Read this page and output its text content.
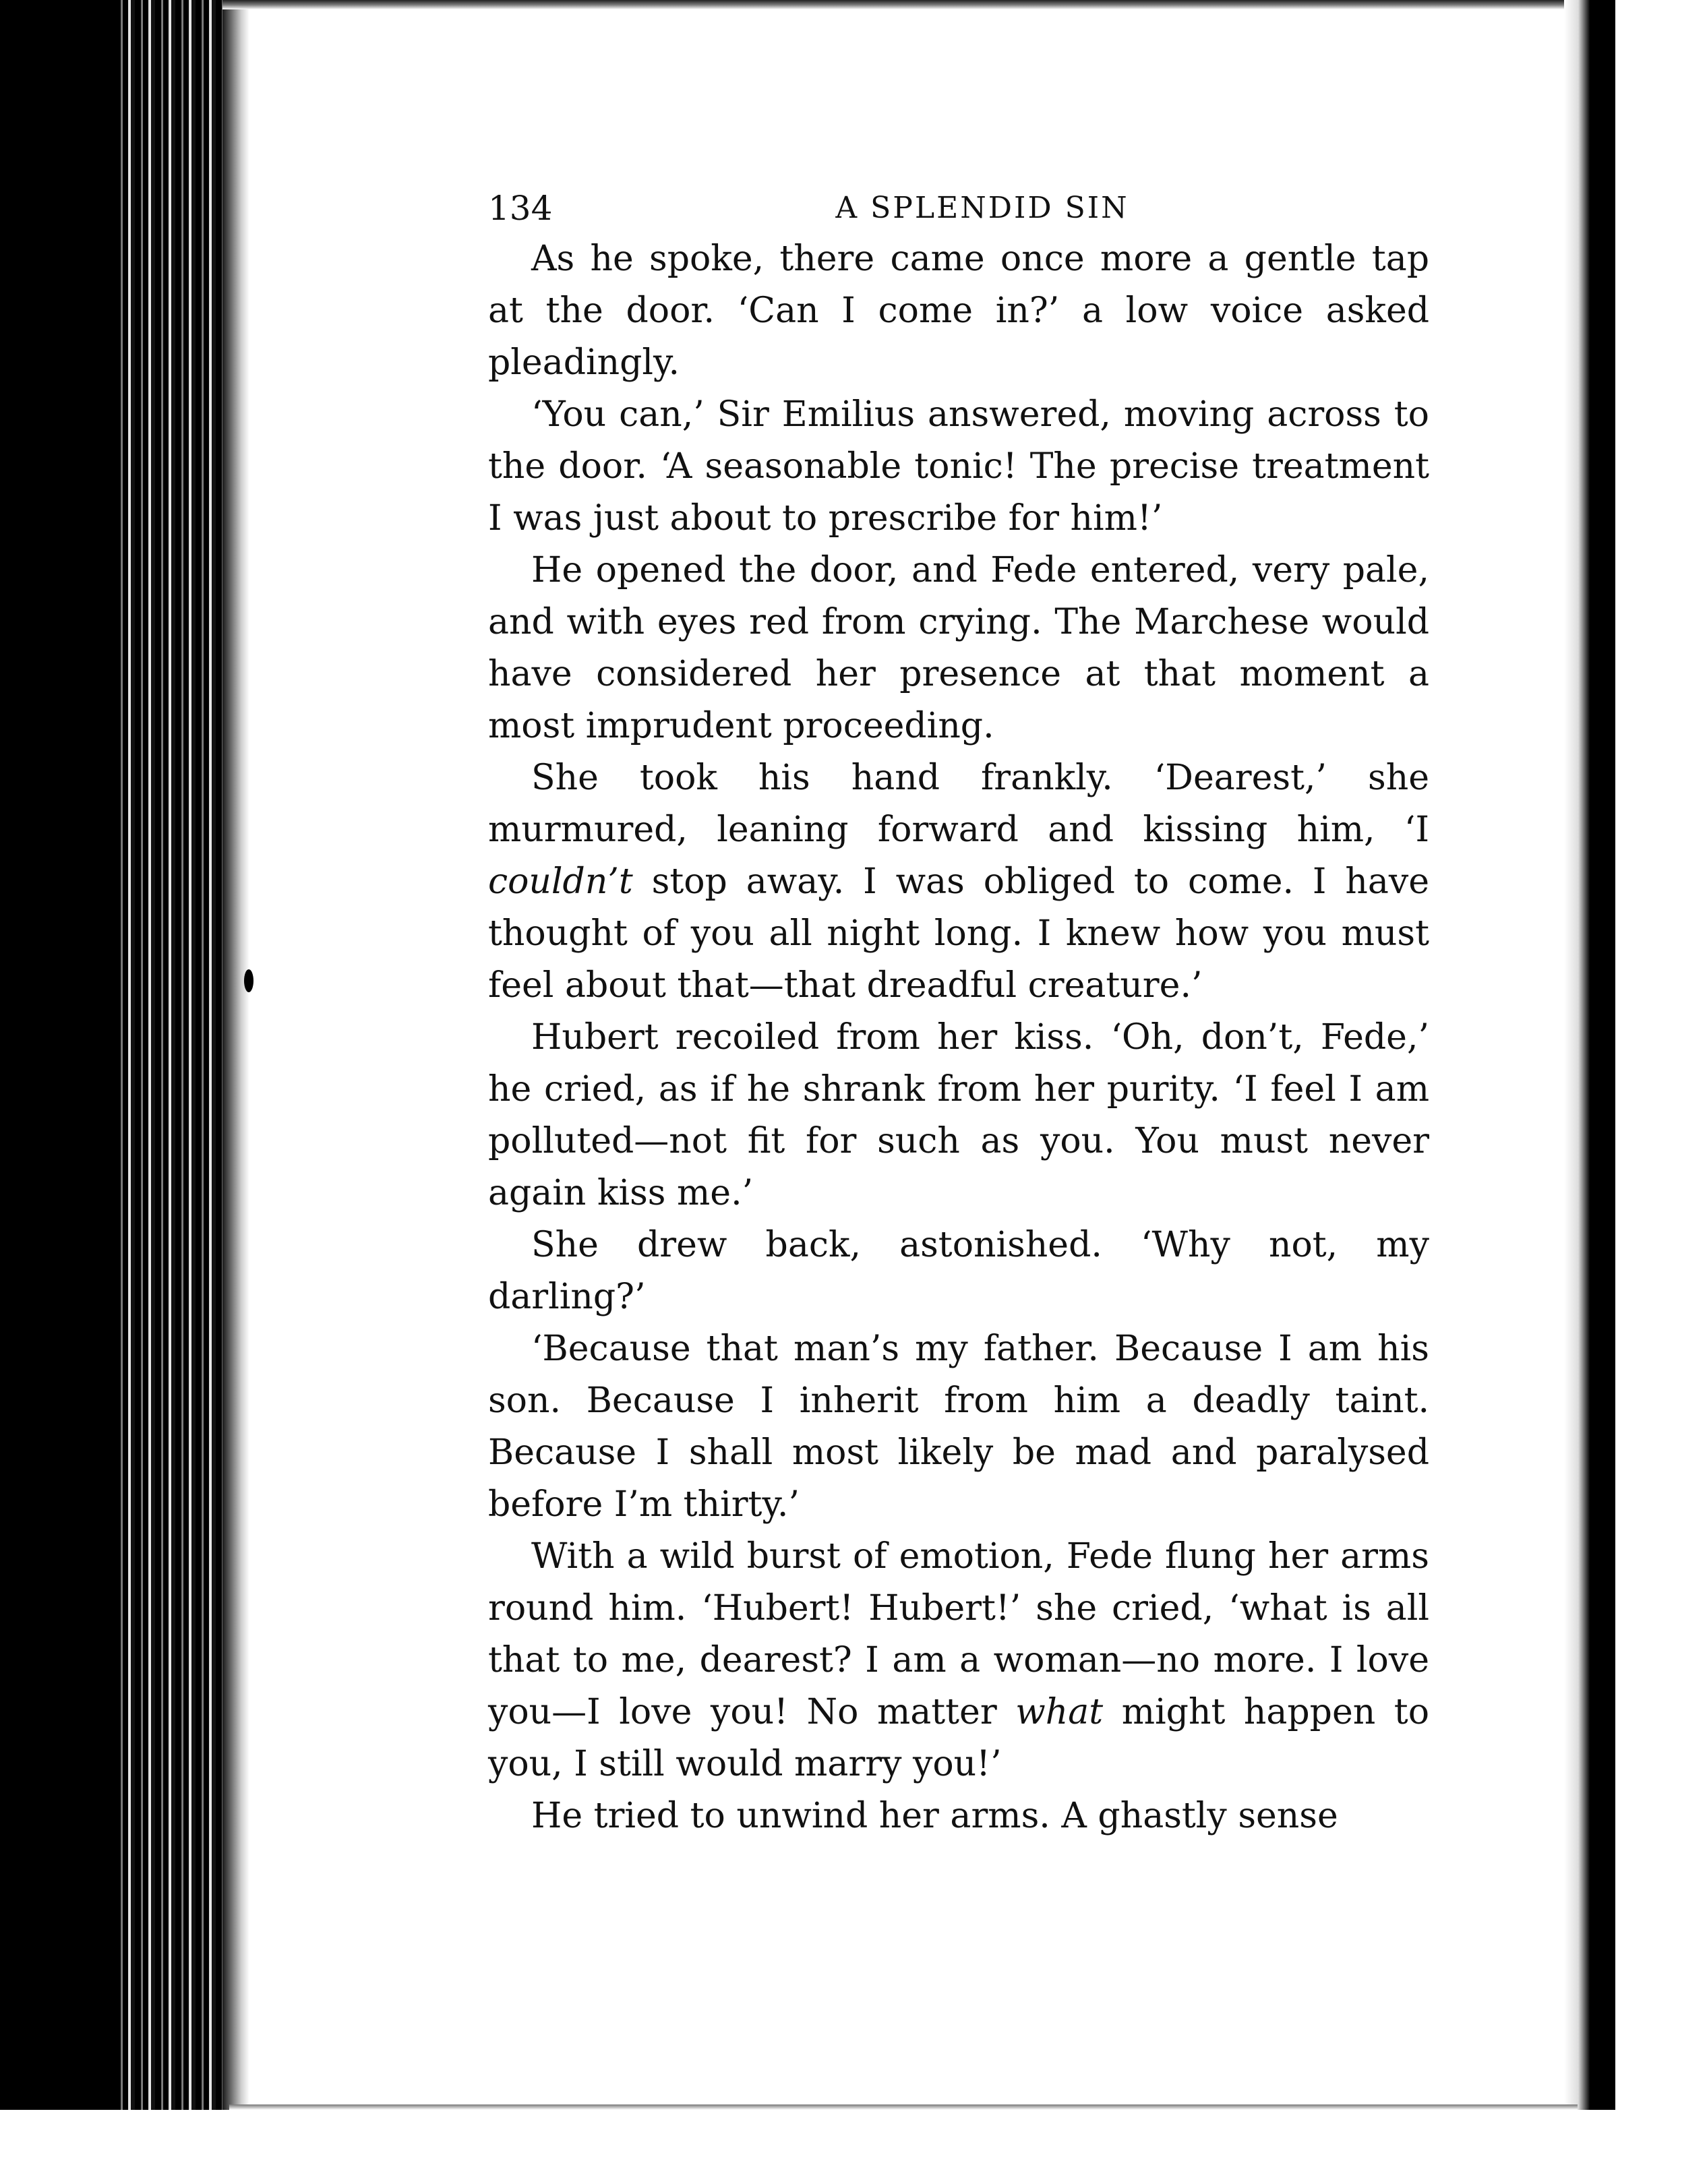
134	A SPLENDID SIN

As he spoke, there came once more a gentle tap at the door. ‘Can I come in?’ a low voice asked pleadingly.

‘You can,’ Sir Emilius answered, moving across to the door. ‘A seasonable tonic! The precise treatment I was just about to prescribe for him!’

He opened the door, and Fede entered, very pale, and with eyes red from crying. The Marchese would have considered her presence at that moment a most imprudent proceeding.

She took his hand frankly. ‘Dearest,’ she murmured, leaning forward and kissing him, ‘I couldn’t stop away. I was obliged to come. I have thought of you all night long. I knew how you must feel about that—that dreadful creature.’

Hubert recoiled from her kiss. ‘Oh, don’t, Fede,’ he cried, as if he shrank from her purity. ‘I feel I am polluted—not fit for such as you. You must never again kiss me.’

She drew back, astonished. ‘Why not, my darling?’

‘Because that man’s my father. Because I am his son. Because I inherit from him a deadly taint. Because I shall most likely be mad and paralysed before I’m thirty.’

With a wild burst of emotion, Fede flung her arms round him. ‘Hubert! Hubert!’ she cried, ‘what is all that to me, dearest? I am a woman—no more. I love you—I love you! No matter what might happen to you, I still would marry you!’

He tried to unwind her arms. A ghastly sense
